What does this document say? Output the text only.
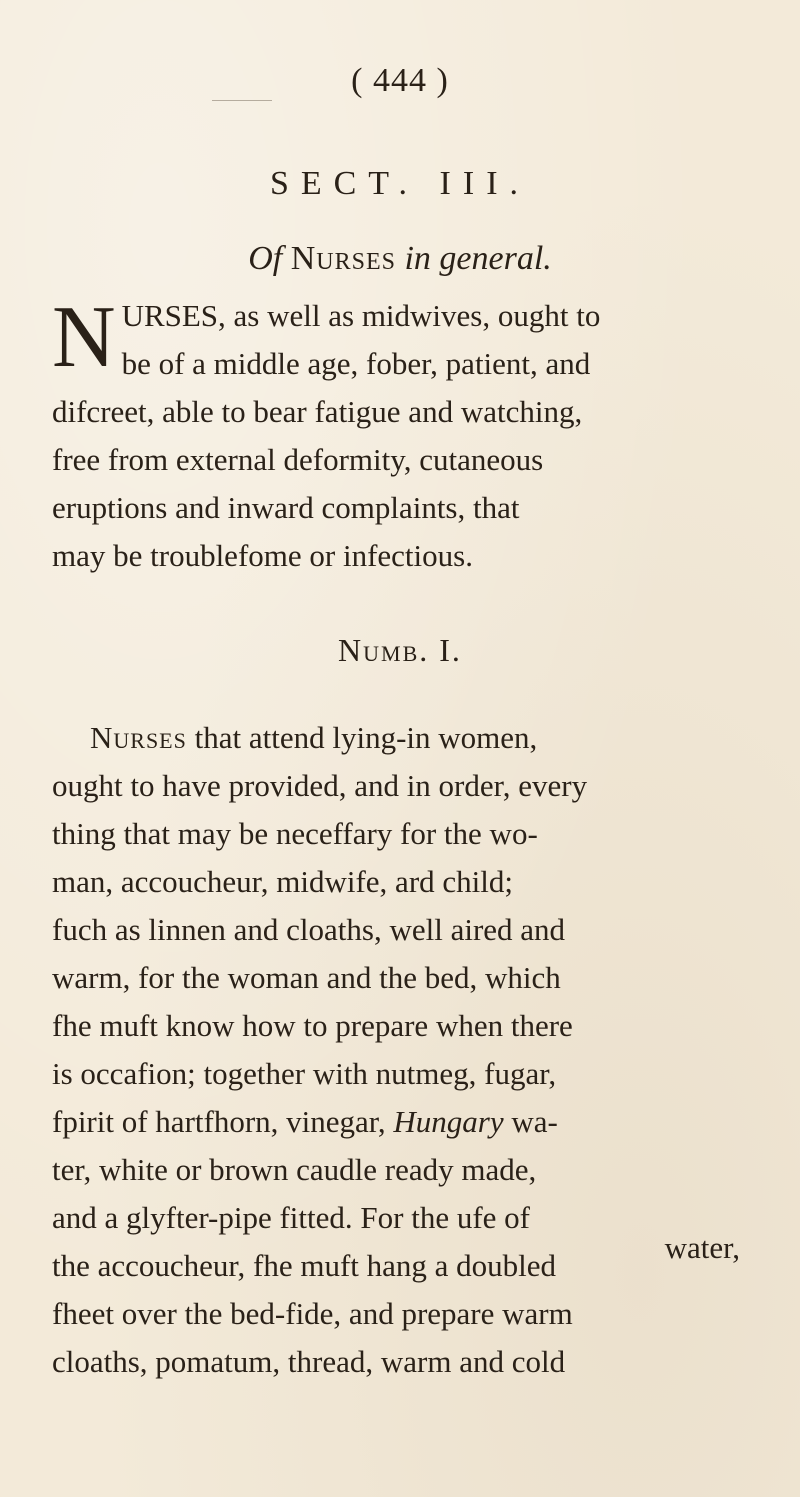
( 444 )
SECT. III.
Of Nurses in general.
N URSES, as well as midwives, ought to
be of a middle age, fober, patient, and
difcreet, able to bear fatigue and watching,
free from external deformity, cutaneous
eruptions and inward complaints, that
may be troublefome or infectious.
Numb. I.
Nurses that attend lying-in women,
ought to have provided, and in order, every
thing that may be neceffary for the wo-
man, accoucheur, midwife, ard child;
fuch as linnen and cloaths, well aired and
warm, for the woman and the bed, which
fhe muft know how to prepare when there
is occafion; together with nutmeg, fugar,
fpirit of hartfhorn, vinegar, Hungary wa-
ter, white or brown caudle ready made,
and a glyfter-pipe fitted. For the ufe of
the accoucheur, fhe muft hang a doubled
fheet over the bed-fide, and prepare warm
cloaths, pomatum, thread, warm and cold
water,
